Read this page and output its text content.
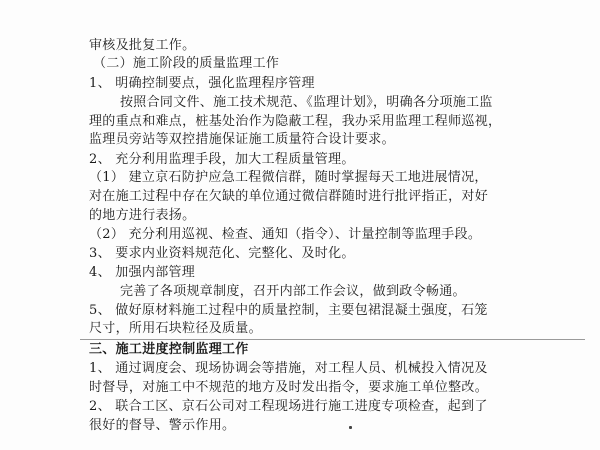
审核及批复工作。
（二）施工阶段的质量监理工作
1、 明确控制要点，强化监理程序管理
按照合同文件、施工技术规范、《监理计划》，明确各分项施工监
理的重点和难点，桩基处治作为隐蔽工程，我办采用监理工程师巡视，
监理员旁站等双控措施保证施工质量符合设计要求。
2、 充分利用监理手段，加大工程质量管理。
（1） 建立京石防护应急工程微信群，随时掌握每天工地进展情况，
对在施工过程中存在欠缺的单位通过微信群随时进行批评指正，对好
的地方进行表扬。
（2） 充分利用巡视、检查、通知（指令）、计量控制等监理手段。
3、 要求内业资料规范化、完整化、及时化。
4、 加强内部管理
完善了各项规章制度，召开内部工作会议，做到政令畅通。
5、 做好原材料施工过程中的质量控制，主要包裙混凝土强度，石笼
尺寸，所用石块粒径及质量。
三、施工进度控制监理工作
1、 通过调度会、现场协调会等措施，对工程人员、机械投入情况及
时督导，对施工中不规范的地方及时发出指令，要求施工单位整改。
2、 联合工区、京石公司对工程现场进行施工进度专项检查，起到了
很好的督导、警示作用。
